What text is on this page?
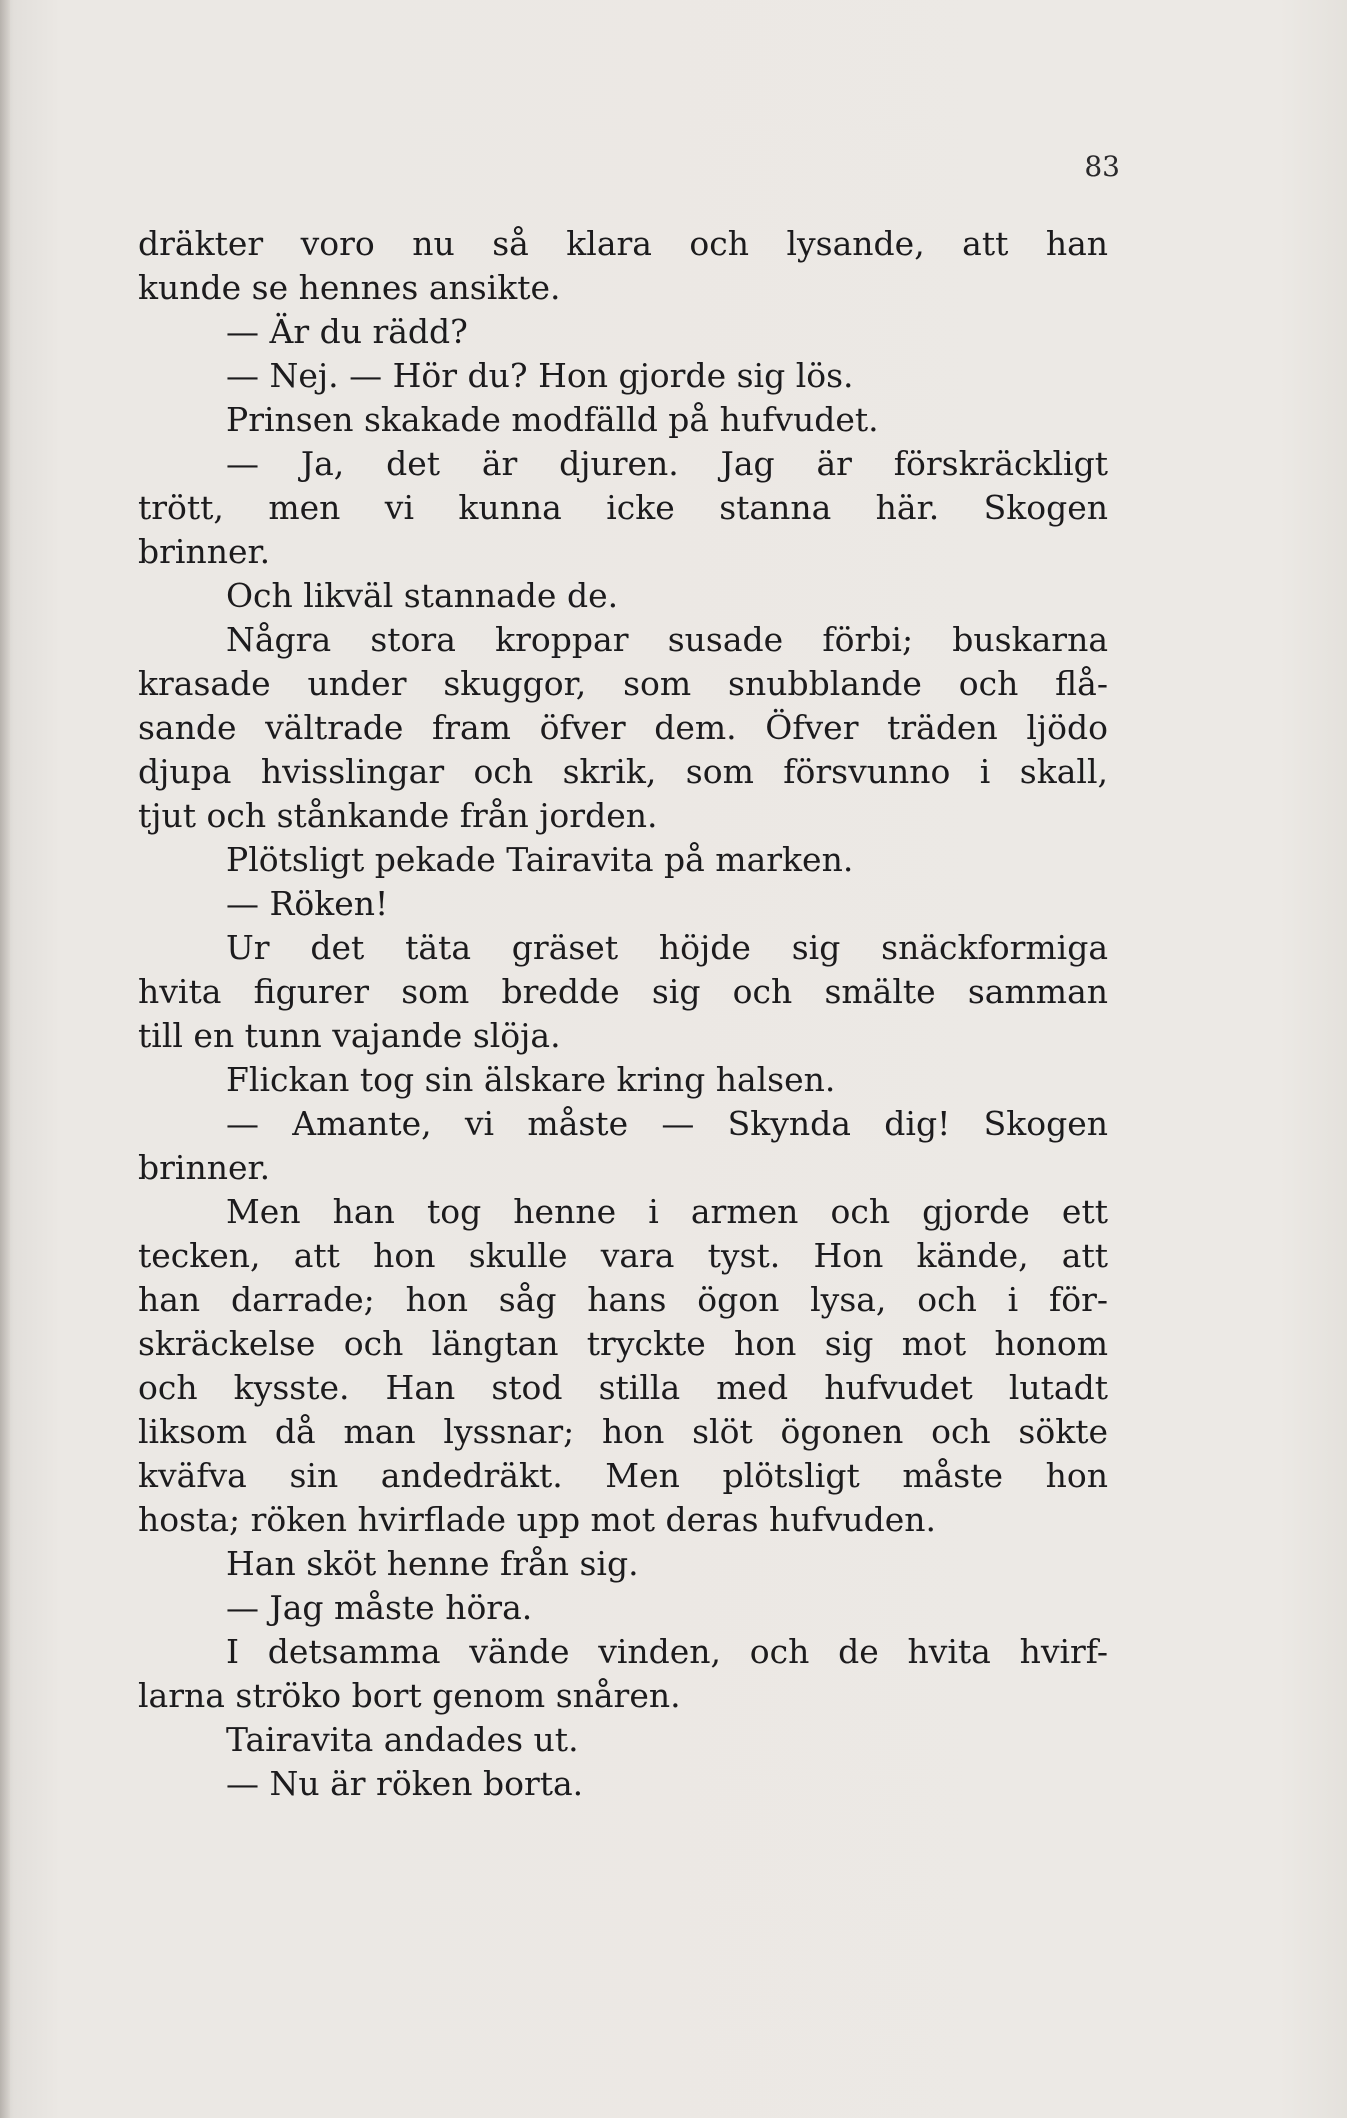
83
dräkter voro nu så klara och lysande, att han
kunde se hennes ansikte.
— Är du rädd?
— Nej. — Hör du? Hon gjorde sig lös.
Prinsen skakade modfälld på hufvudet.
— Ja, det är djuren. Jag är förskräckligt
trött, men vi kunna icke stanna här. Skogen
brinner.
Och likväl stannade de.
Några stora kroppar susade förbi; buskarna
krasade under skuggor, som snubblande och flå-
sande vältrade fram öfver dem. Öfver träden ljödo
djupa hvisslingar och skrik, som försvunno i skall,
tjut och stånkande från jorden.
Plötsligt pekade Tairavita på marken.
— Röken!
Ur det täta gräset höjde sig snäckformiga
hvita figurer som bredde sig och smälte samman
till en tunn vajande slöja.
Flickan tog sin älskare kring halsen.
— Amante, vi måste — Skynda dig! Skogen
brinner.
Men han tog henne i armen och gjorde ett
tecken, att hon skulle vara tyst. Hon kände, att
han darrade; hon såg hans ögon lysa, och i för-
skräckelse och längtan tryckte hon sig mot honom
och kysste. Han stod stilla med hufvudet lutadt
liksom då man lyssnar; hon slöt ögonen och sökte
kväfva sin andedräkt. Men plötsligt måste hon
hosta; röken hvirflade upp mot deras hufvuden.
Han sköt henne från sig.
— Jag måste höra.
I detsamma vände vinden, och de hvita hvirf-
larna ströko bort genom snåren.
Tairavita andades ut.
— Nu är röken borta.
